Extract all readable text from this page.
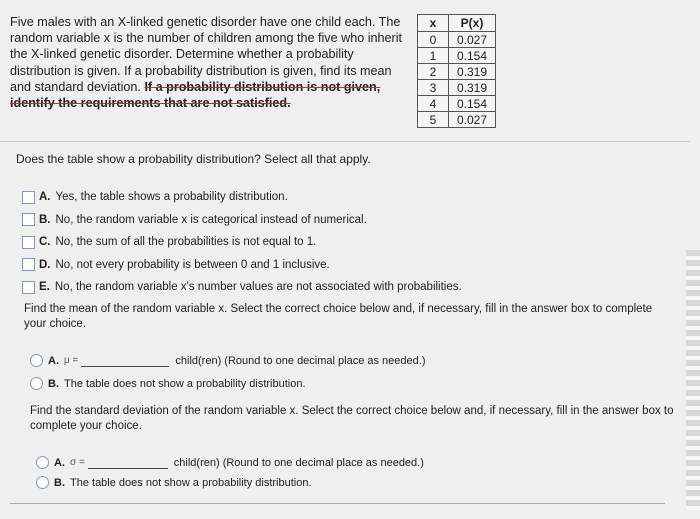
Five males with an X-linked genetic disorder have one child each. The random variable x is the number of children among the five who inherit the X-linked genetic disorder. Determine whether a probability distribution is given. If a probability distribution is given, find its mean and standard deviation. If a probability distribution is not given, identify the requirements that are not satisfied.
x	P(x)
0	0.027
1	0.154
2	0.319
3	0.319
4	0.154
5	0.027
Does the table show a probability distribution? Select all that apply.
A. Yes, the table shows a probability distribution.
B. No, the random variable x is categorical instead of numerical.
C. No, the sum of all the probabilities is not equal to 1.
D. No, not every probability is between 0 and 1 inclusive.
E. No, the random variable x's number values are not associated with probabilities.
Find the mean of the random variable x. Select the correct choice below and, if necessary, fill in the answer box to complete your choice.
A. μ =	child(ren) (Round to one decimal place as needed.)
B. The table does not show a probability distribution.
Find the standard deviation of the random variable x. Select the correct choice below and, if necessary, fill in the answer box to complete your choice.
A. σ =	child(ren) (Round to one decimal place as needed.)
B. The table does not show a probability distribution.
